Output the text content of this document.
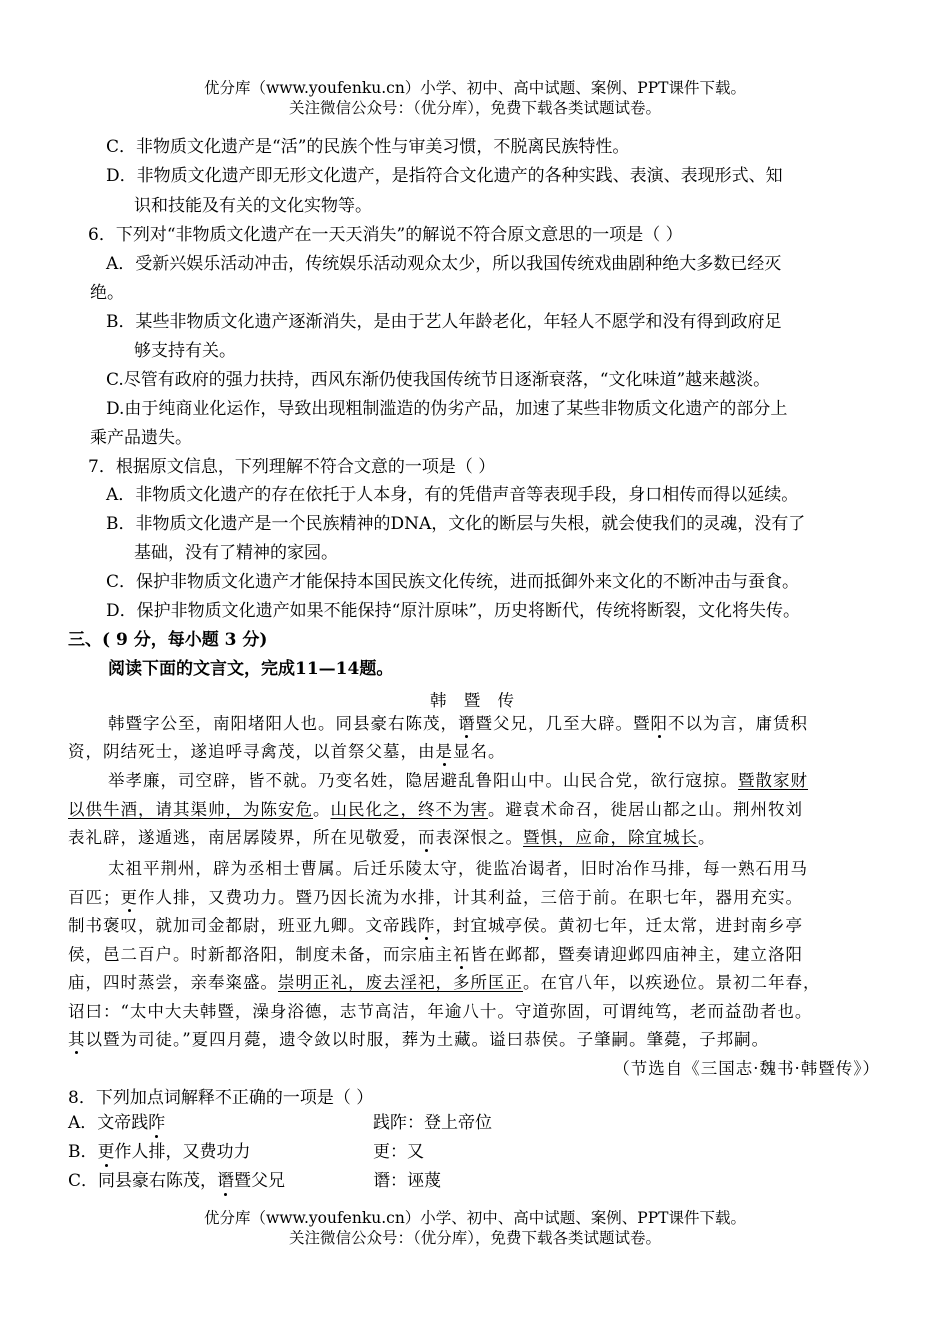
优分库（www.youfenku.cn）小学、初中、高中试题、案例、PPT课件下载。
关注微信公众号：（优分库），免费下载各类试题试卷。
C．非物质文化遗产是“活”的民族个性与审美习惯，不脱离民族特性。
D．非物质文化遗产即无形文化遗产，是指符合文化遗产的各种实践、表演、表现形式、知
识和技能及有关的文化实物等。
6．下列对“非物质文化遗产在一天天消失”的解说不符合原文意思的一项是（ ）
A．受新兴娱乐活动冲击，传统娱乐活动观众太少，所以我国传统戏曲剧种绝大多数已经灭
绝。
B．某些非物质文化遗产逐渐消失，是由于艺人年龄老化，年轻人不愿学和没有得到政府足
够支持有关。
C.尽管有政府的强力扶持，西风东渐仍使我国传统节日逐渐衰落，“文化味道”越来越淡。
D.由于纯商业化运作，导致出现粗制滥造的伪劣产品，加速了某些非物质文化遗产的部分上
乘产品遗失。
7．根据原文信息，下列理解不符合文意的一项是（ ）
A．非物质文化遗产的存在依托于人本身，有的凭借声音等表现手段，身口相传而得以延续。
B．非物质文化遗产是一个民族精神的DNA，文化的断层与失根，就会使我们的灵魂，没有了
基础，没有了精神的家园。
C．保护非物质文化遗产才能保持本国民族文化传统，进而抵御外来文化的不断冲击与蚕食。
D．保护非物质文化遗产如果不能保持“原汁原味”，历史将断代，传统将断裂，文化将失传。
三、( 9 分，每小题 3 分)
阅读下面的文言文，完成11—14题。
韩 暨 传
韩暨字公至，南阳堵阳人也。同县豪右陈茂，谮暨父兄，几至大辟。暨阳不以为言，庸赁积
资，阴结死士，遂追呼寻禽茂，以首祭父墓，由是显名。
举孝廉，司空辟，皆不就。乃变名姓，隐居避乱鲁阳山中。山民合党，欲行寇掠。暨散家财
以供牛酒，请其渠帅，为陈安危。山民化之，终不为害。避袁术命召，徙居山都之山。荆州牧刘
表礼辟，遂遁逃，南居孱陵界，所在见敬爱，而表深恨之。暨惧，应命，除宜城长。
太祖平荆州，辟为丞相士曹属。后迁乐陵太守，徙监冶谒者，旧时冶作马排，每一熟石用马
百匹；更作人排，又费功力。暨乃因长流为水排，计其利益，三倍于前。在职七年，器用充实。
制书褒叹，就加司金都尉，班亚九卿。文帝践阼，封宜城亭侯。黄初七年，迁太常，进封南乡亭
侯，邑二百户。时新都洛阳，制度未备，而宗庙主祏皆在邺都，暨奏请迎邺四庙神主，建立洛阳
庙，四时蒸尝，亲奉粢盛。崇明正礼，废去淫祀，多所匡正。在官八年，以疾逊位。景初二年春，
诏曰：“太中大夫韩暨，澡身浴德，志节高洁，年逾八十。守道弥固，可谓纯笃，老而益劭者也。
其以暨为司徒。”夏四月薨，遗令敛以时服，葬为土藏。谥曰恭侯。子肇嗣。肇薨，子邦嗣。
（节选自《三国志·魏书·韩暨传》）
8．下列加点词解释不正确的一项是（ ）
A．文帝践阼	践阼：登上帝位
B．更作人排，又费功力	更：又
C．同县豪右陈茂，谮暨父兄	谮：诬蔑
优分库（www.youfenku.cn）小学、初中、高中试题、案例、PPT课件下载。
关注微信公众号：（优分库），免费下载各类试题试卷。
